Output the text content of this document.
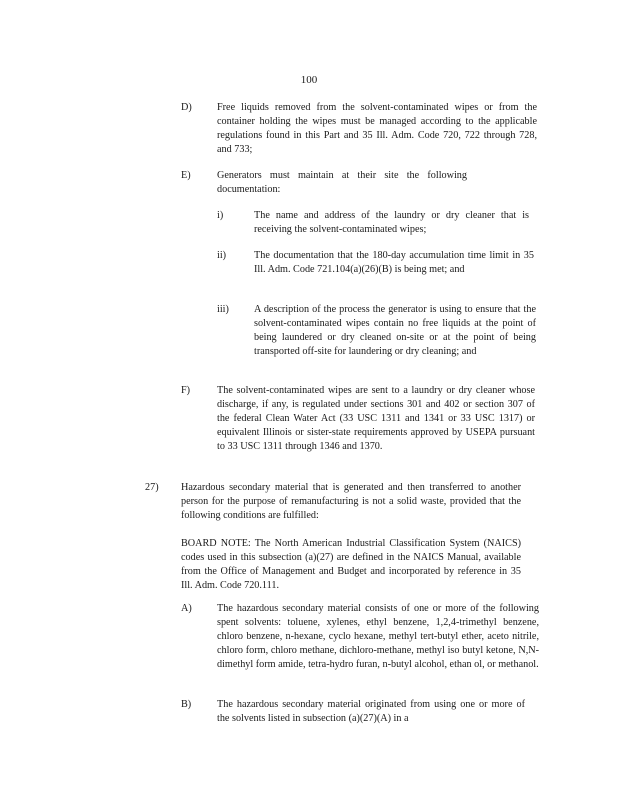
100
D) Free liquids removed from the solvent-contaminated wipes or from the container holding the wipes must be managed according to the applicable regulations found in this Part and 35 Ill. Adm. Code 720, 722 through 728, and 733;
E)	Generators must maintain at their site the following documentation:
i)	The name and address of the laundry or dry cleaner that is receiving the solvent-contaminated wipes;
ii)	The documentation that the 180-day accumulation time limit in 35 Ill. Adm. Code 721.104(a)(26)(B) is being met; and
iii) A description of the process the generator is using to ensure that the solvent-contaminated wipes contain no free liquids at the point of being laundered or dry cleaned on-site or at the point of being transported off-site for laundering or dry cleaning; and
F)	The solvent-contaminated wipes are sent to a laundry or dry cleaner whose discharge, if any, is regulated under sections 301 and 402 or section 307 of the federal Clean Water Act (33 USC 1311 and 1341 or 33 USC 1317) or equivalent Illinois or sister-state requirements approved by USEPA pursuant to 33 USC 1311 through 1346 and 1370.
27) Hazardous secondary material that is generated and then transferred to another person for the purpose of remanufacturing is not a solid waste, provided that the following conditions are fulfilled:

BOARD NOTE: The North American Industrial Classification System (NAICS) codes used in this subsection (a)(27) are defined in the NAICS Manual, available from the Office of Management and Budget and incorporated by reference in 35 Ill. Adm. Code 720.111.

A) The hazardous secondary material consists of one or more of the following spent solvents: toluene, xylenes, ethyl benzene, 1,2,4-trimethyl benzene, chloro benzene, n-hexane, cyclo hexane, methyl tert-butyl ether, aceto nitrile, chloro form, chloro methane, dichloro-methane, methyl iso butyl ketone, N,N-dimethyl form amide, tetra-hydro furan, n-butyl alcohol, ethan ol, or methanol.
B)	The hazardous secondary material originated from using one or more of the solvents listed in subsection (a)(27)(A) in a
